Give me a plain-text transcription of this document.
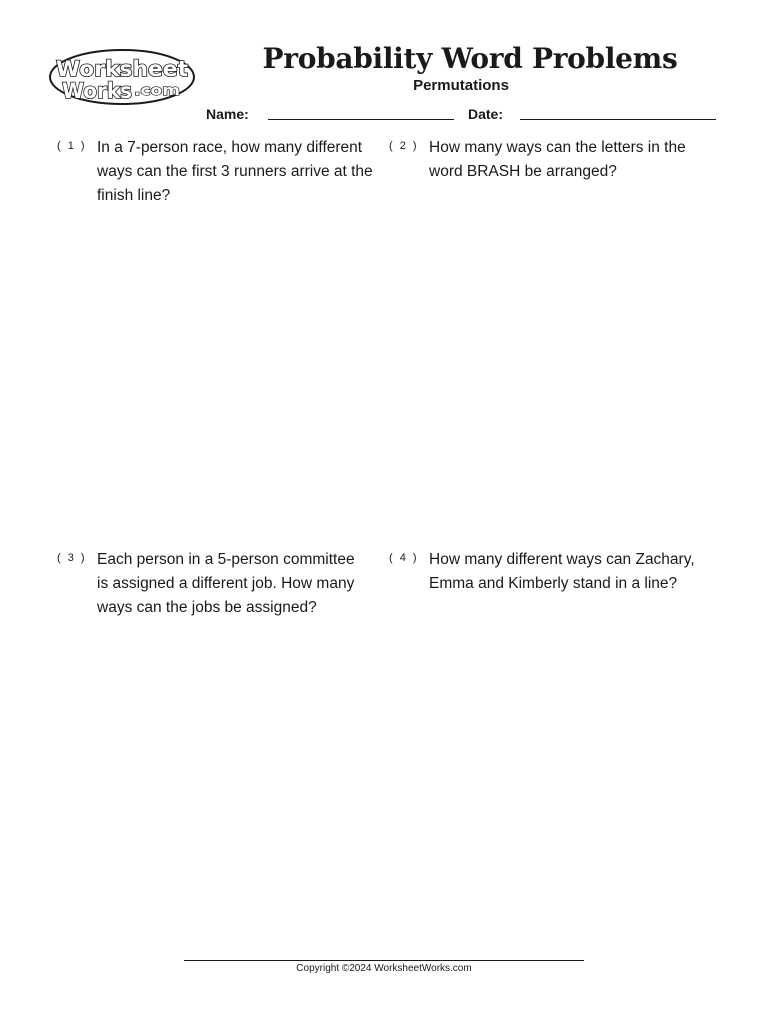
Worksheet
Works .com
Probability Word Problems
Permutations
Name:	Date:
( 1 ) In a 7-person race, how many different ways can the first 3 runners arrive at the finish line?
( 2 ) How many ways can the letters in the word BRASH be arranged?
( 3 ) Each person in a 5-person committee is assigned a different job. How many ways can the jobs be assigned?
( 4 ) How many different ways can Zachary, Emma and Kimberly stand in a line?
Copyright ©2024 WorksheetWorks.com
